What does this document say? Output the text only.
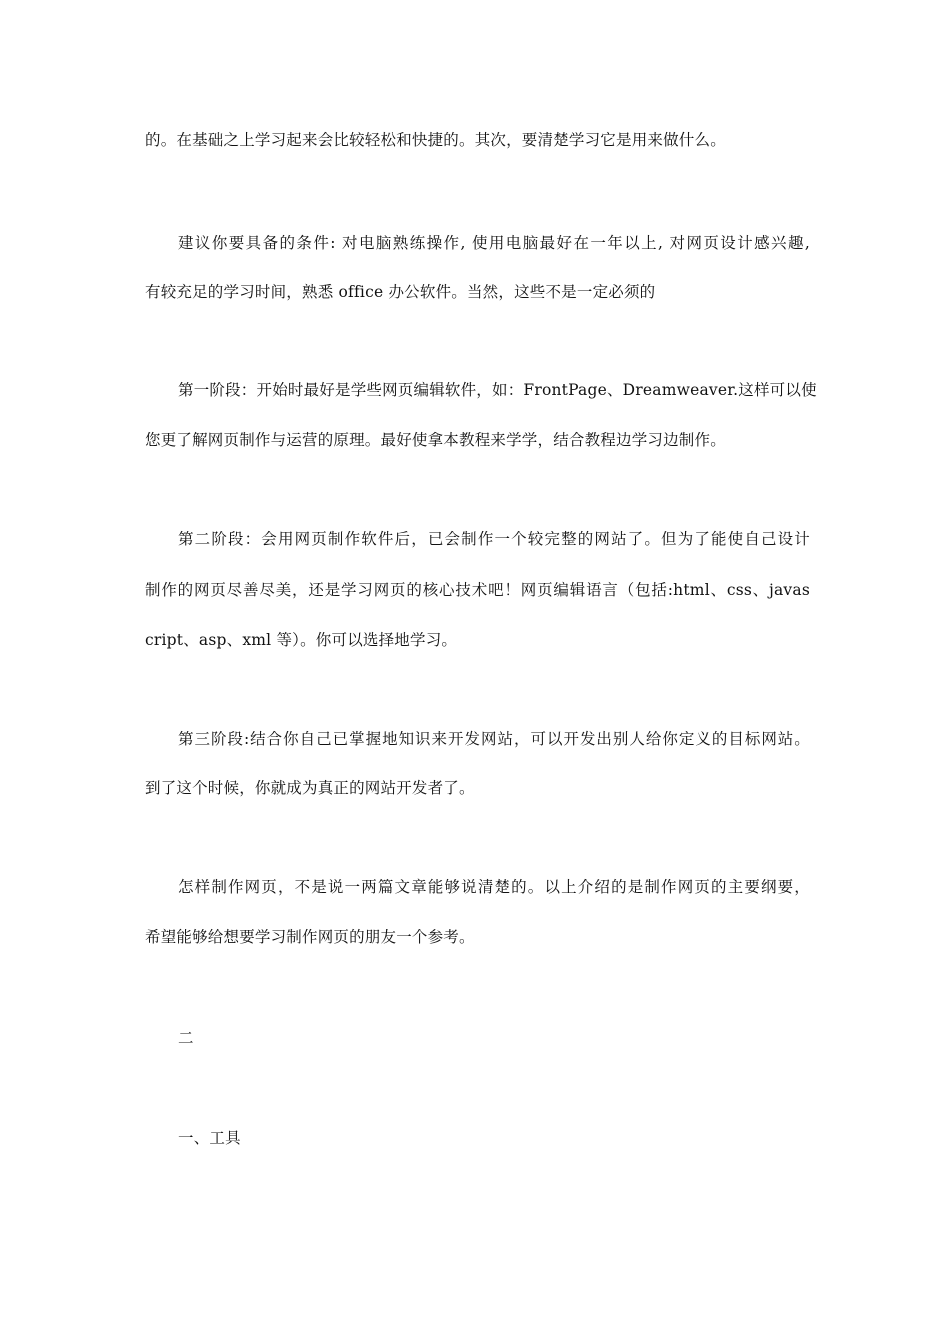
的。在基础之上学习起来会比较轻松和快捷的。其次，要清楚学习它是用来做什么。
建议你要具备的条件: 对电脑熟练操作, 使用电脑最好在一年以上, 对网页设计感兴趣,
有较充足的学习时间，熟悉 office 办公软件。当然，这些不是一定必须的
第一阶段：开始时最好是学些网页编辑软件，如：FrontPage、Dreamweaver.这样可以使
您更了解网页制作与运营的原理。最好使拿本教程来学学，结合教程边学习边制作。
第二阶段：会用网页制作软件后，已会制作一个较完整的网站了。但为了能使自己设计
制作的网页尽善尽美，还是学习网页的核心技术吧！网页编辑语言（包括:html、css、javas
cript、asp、xml 等）。你可以选择地学习。
第三阶段:结合你自己已掌握地知识来开发网站，可以开发出别人给你定义的目标网站。
到了这个时候，你就成为真正的网站开发者了。
怎样制作网页，不是说一两篇文章能够说清楚的。以上介绍的是制作网页的主要纲要，
希望能够给想要学习制作网页的朋友一个参考。
二
一、工具
